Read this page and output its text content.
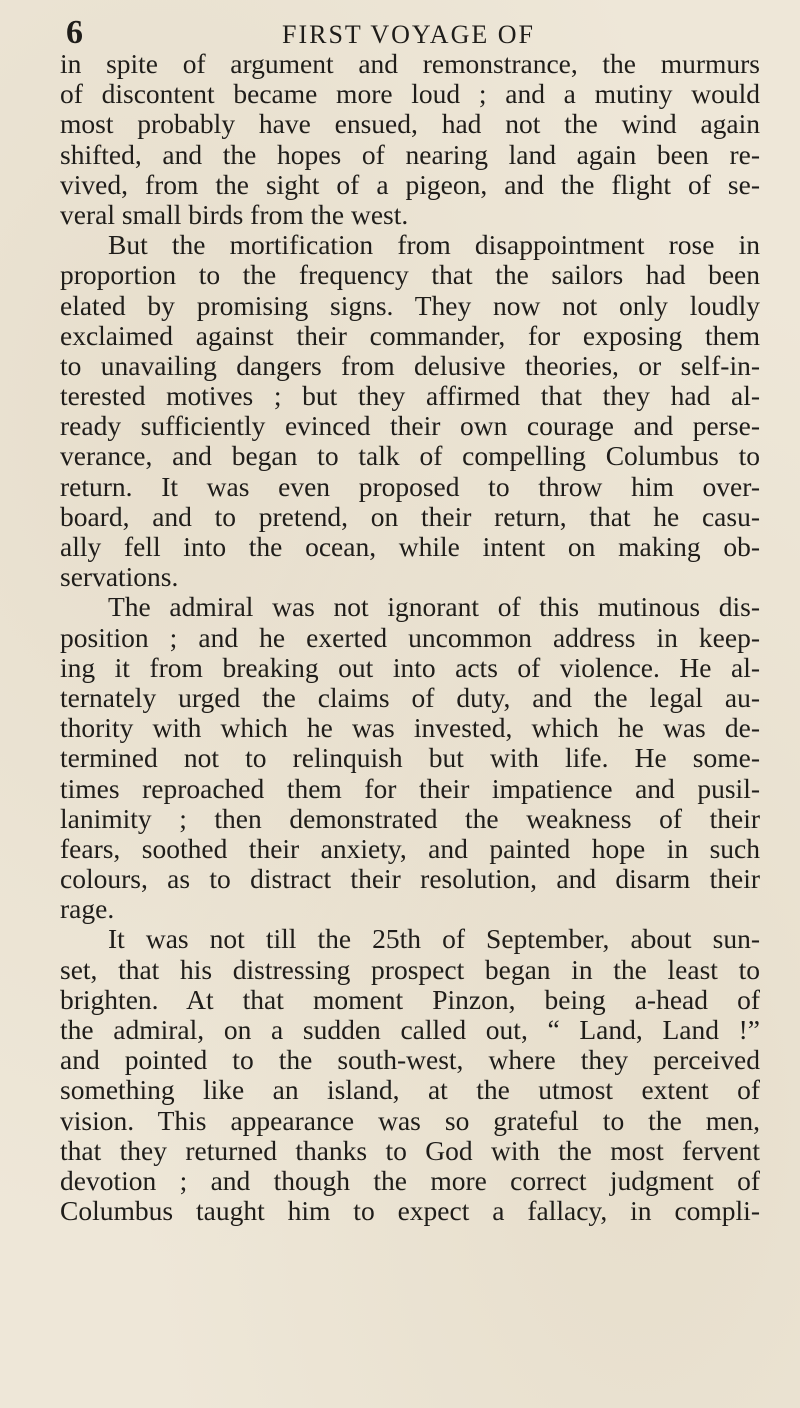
6	FIRST VOYAGE OF
in spite of argument and remonstrance, the murmurs
of discontent became more loud ; and a mutiny would
most probably have ensued, had not the wind again
shifted, and the hopes of nearing land again been re-
vived, from the sight of a pigeon, and the flight of se-
veral small birds from the west.
But the mortification from disappointment rose in
proportion to the frequency that the sailors had been
elated by promising signs. They now not only loudly
exclaimed against their commander, for exposing them
to unavailing dangers from delusive theories, or self-in-
terested motives ; but they affirmed that they had al-
ready sufficiently evinced their own courage and perse-
verance, and began to talk of compelling Columbus to
return. It was even proposed to throw him over-
board, and to pretend, on their return, that he casu-
ally fell into the ocean, while intent on making ob-
servations.
The admiral was not ignorant of this mutinous dis-
position ; and he exerted uncommon address in keep-
ing it from breaking out into acts of violence. He al-
ternately urged the claims of duty, and the legal au-
thority with which he was invested, which he was de-
termined not to relinquish but with life. He some-
times reproached them for their impatience and pusil-
lanimity ; then demonstrated the weakness of their
fears, soothed their anxiety, and painted hope in such
colours, as to distract their resolution, and disarm their
rage.
It was not till the 25th of September, about sun-
set, that his distressing prospect began in the least to
brighten. At that moment Pinzon, being a-head of
the admiral, on a sudden called out, “ Land, Land !”
and pointed to the south-west, where they perceived
something like an island, at the utmost extent of
vision. This appearance was so grateful to the men,
that they returned thanks to God with the most fervent
devotion ; and though the more correct judgment of
Columbus taught him to expect a fallacy, in compli-
